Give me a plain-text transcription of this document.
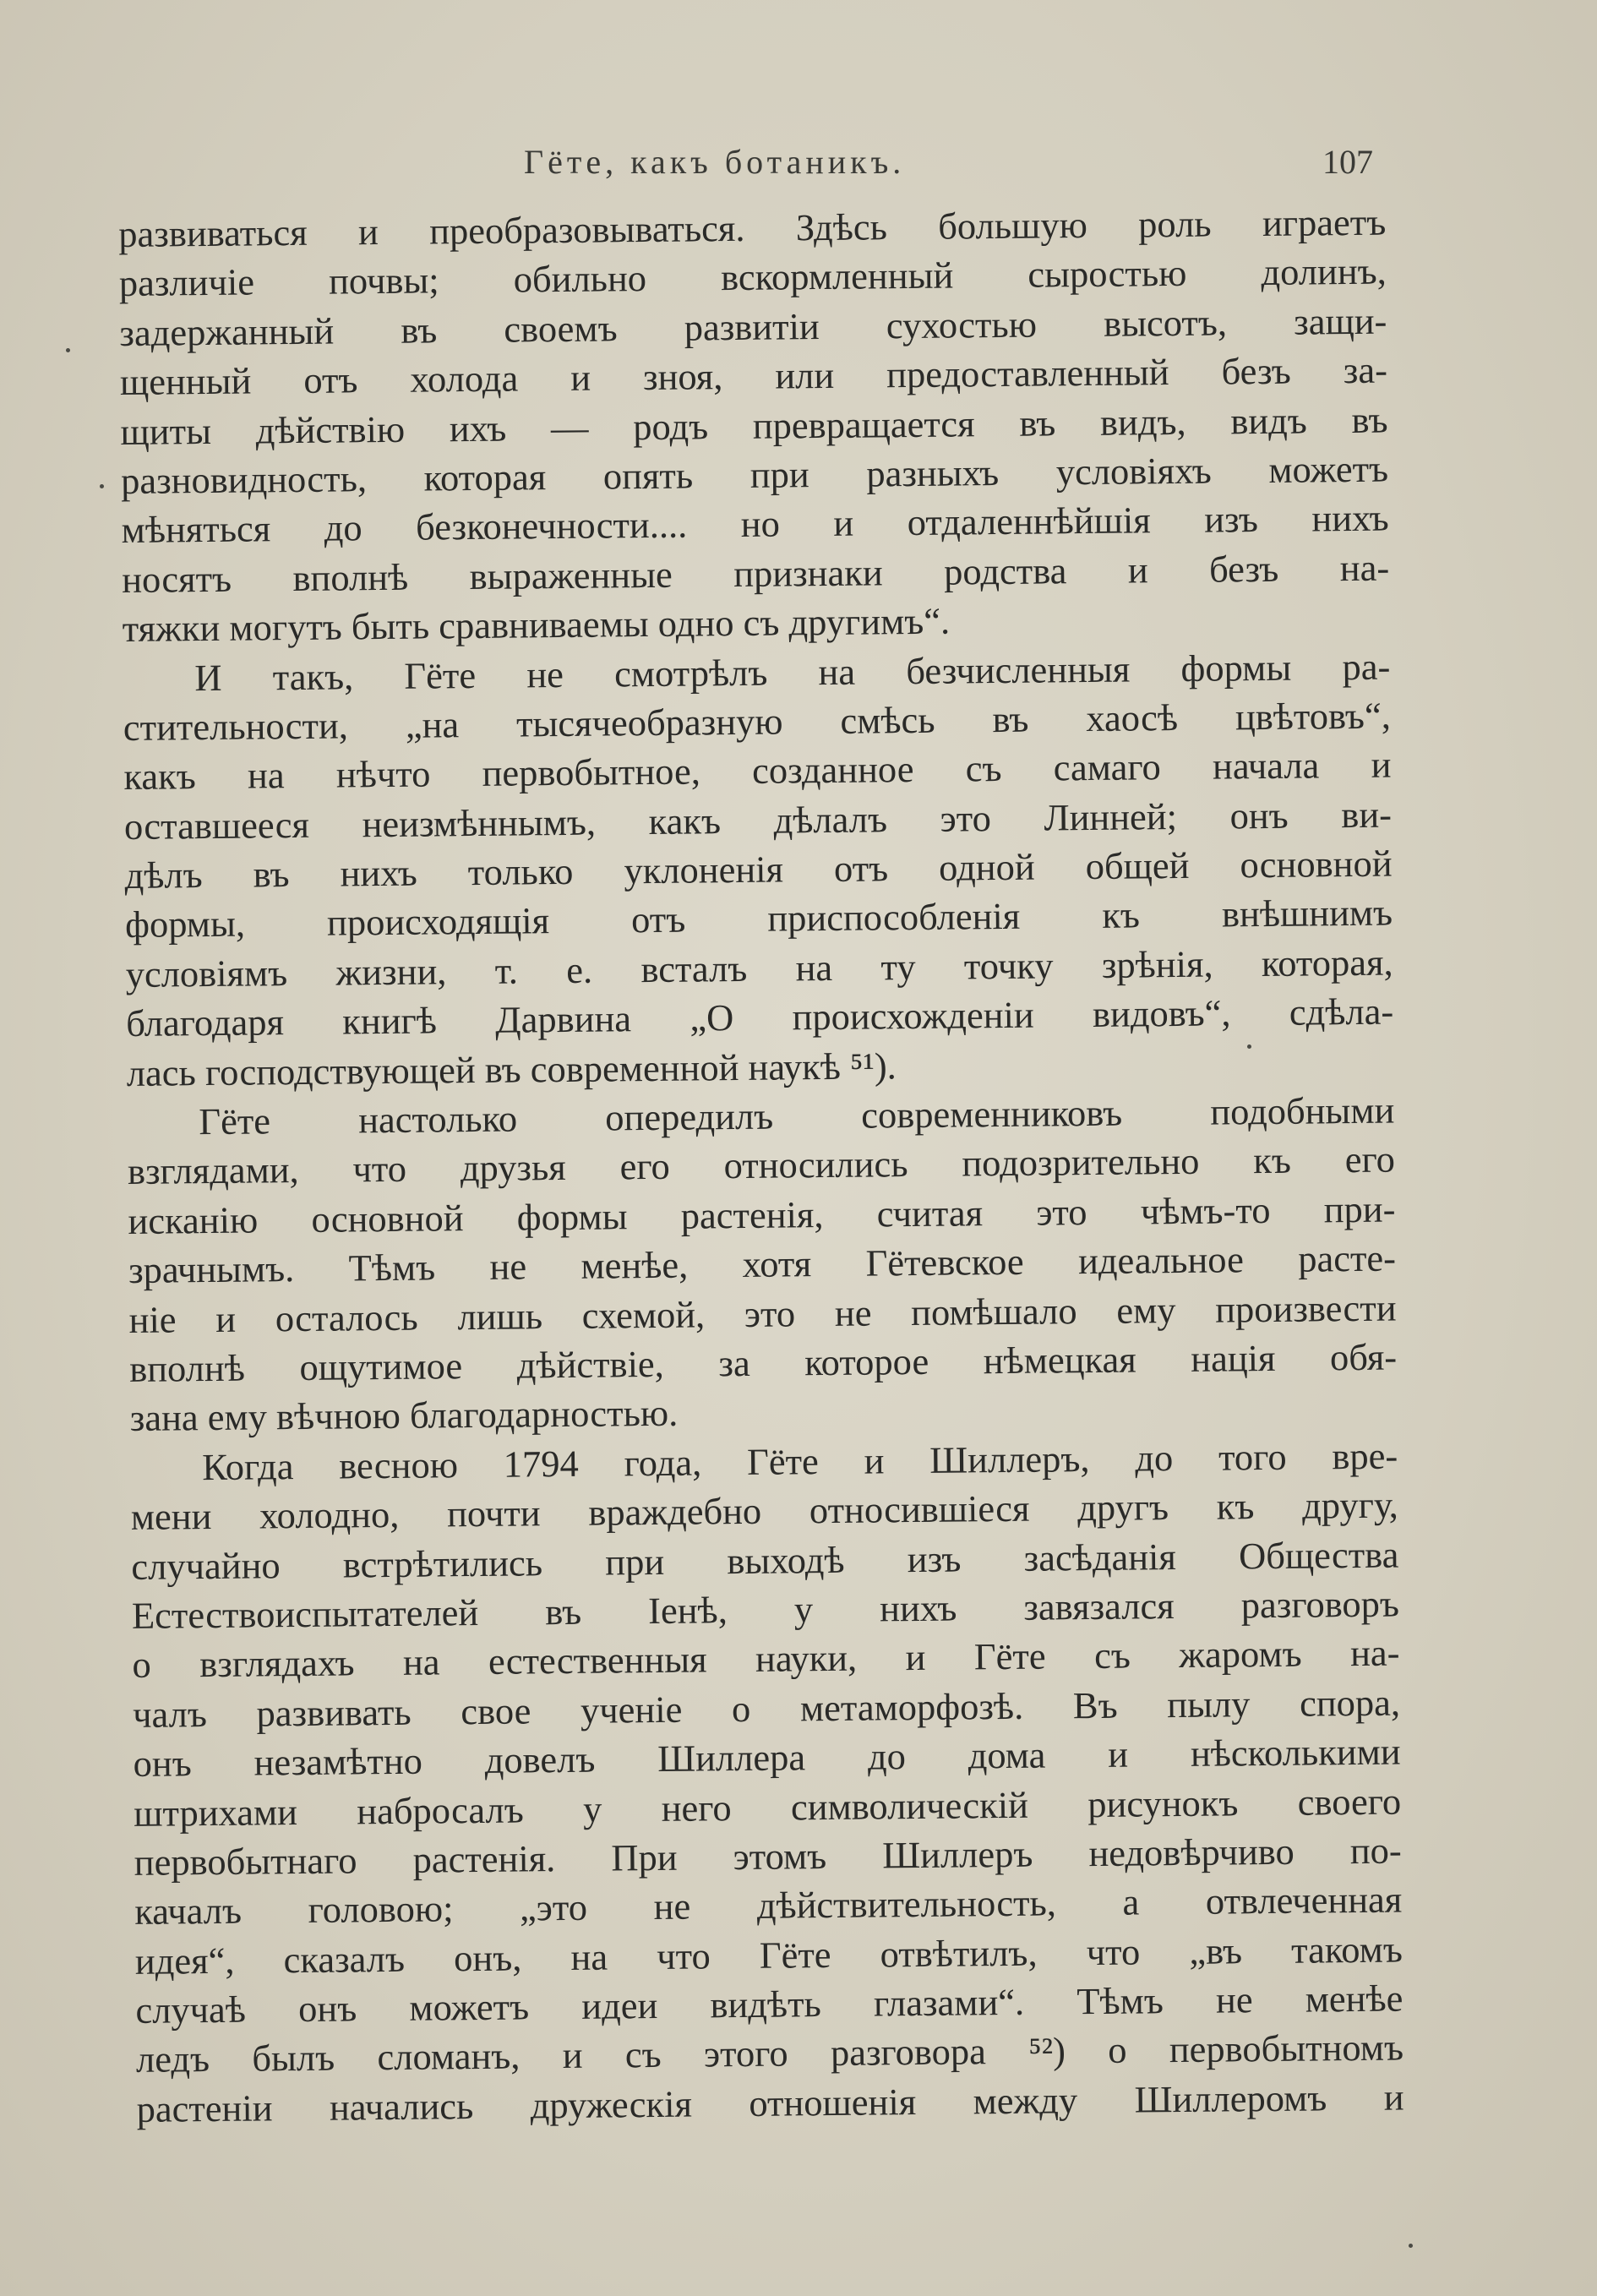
Гёте, какъ ботаникъ.	107
развиваться и преобразовываться. Здѣсь большую роль играетъ
различіе почвы; обильно вскормленный сыростью долинъ,
задержанный въ своемъ развитіи сухостью высотъ, защи-
щенный отъ холода и зноя, или предоставленный безъ за-
щиты дѣйствію ихъ — родъ превращается въ видъ, видъ въ
разновидность, которая опять при разныхъ условіяхъ можетъ
мѣняться до безконечности.... но и отдаленнѣйшія изъ нихъ
носятъ вполнѣ выраженные признаки родства и безъ на-
тяжки могутъ быть сравниваемы одно съ другимъ“.
И такъ, Гёте не смотрѣлъ на безчисленныя формы ра-
стительности, „на тысячеобразную смѣсь въ хаосѣ цвѣтовъ“,
какъ на нѣчто первобытное, созданное съ самаго начала и
оставшееся неизмѣннымъ, какъ дѣлалъ это Линней; онъ ви-
дѣлъ въ нихъ только уклоненія отъ одной общей основной
формы, происходящія отъ приспособленія къ внѣшнимъ
условіямъ жизни, т. е. всталъ на ту точку зрѣнія, которая,
благодаря книгѣ Дарвина „О происхожденіи видовъ“, сдѣла-
лась господствующей въ современной наукѣ ⁵¹).
Гёте настолько опередилъ современниковъ подобными
взглядами, что друзья его относились подозрительно къ его
исканію основной формы растенія, считая это чѣмъ-то при-
зрачнымъ. Тѣмъ не менѣе, хотя Гётевское идеальное расте-
ніе и осталось лишь схемой, это не помѣшало ему произвести
вполнѣ ощутимое дѣйствіе, за которое нѣмецкая нація обя-
зана ему вѣчною благодарностью.
Когда весною 1794 года, Гёте и Шиллеръ, до того вре-
мени холодно, почти враждебно относившіеся другъ къ другу,
случайно встрѣтились при выходѣ изъ засѣданія Общества
Естествоиспытателей въ Іенѣ, у нихъ завязался разговоръ
о взглядахъ на естественныя науки, и Гёте съ жаромъ на-
чалъ развивать свое ученіе о метаморфозѣ. Въ пылу спора,
онъ незамѣтно довелъ Шиллера до дома и нѣсколькими
штрихами набросалъ у него символическій рисунокъ своего
первобытнаго растенія. При этомъ Шиллеръ недовѣрчиво по-
качалъ головою; „это не дѣйствительность, а отвлеченная
идея“, сказалъ онъ, на что Гёте отвѣтилъ, что „въ такомъ
случаѣ онъ можетъ идеи видѣть глазами“. Тѣмъ не менѣе
ледъ былъ сломанъ, и съ этого разговора ⁵²) о первобытномъ
растеніи начались дружескія отношенія между Шиллеромъ и
